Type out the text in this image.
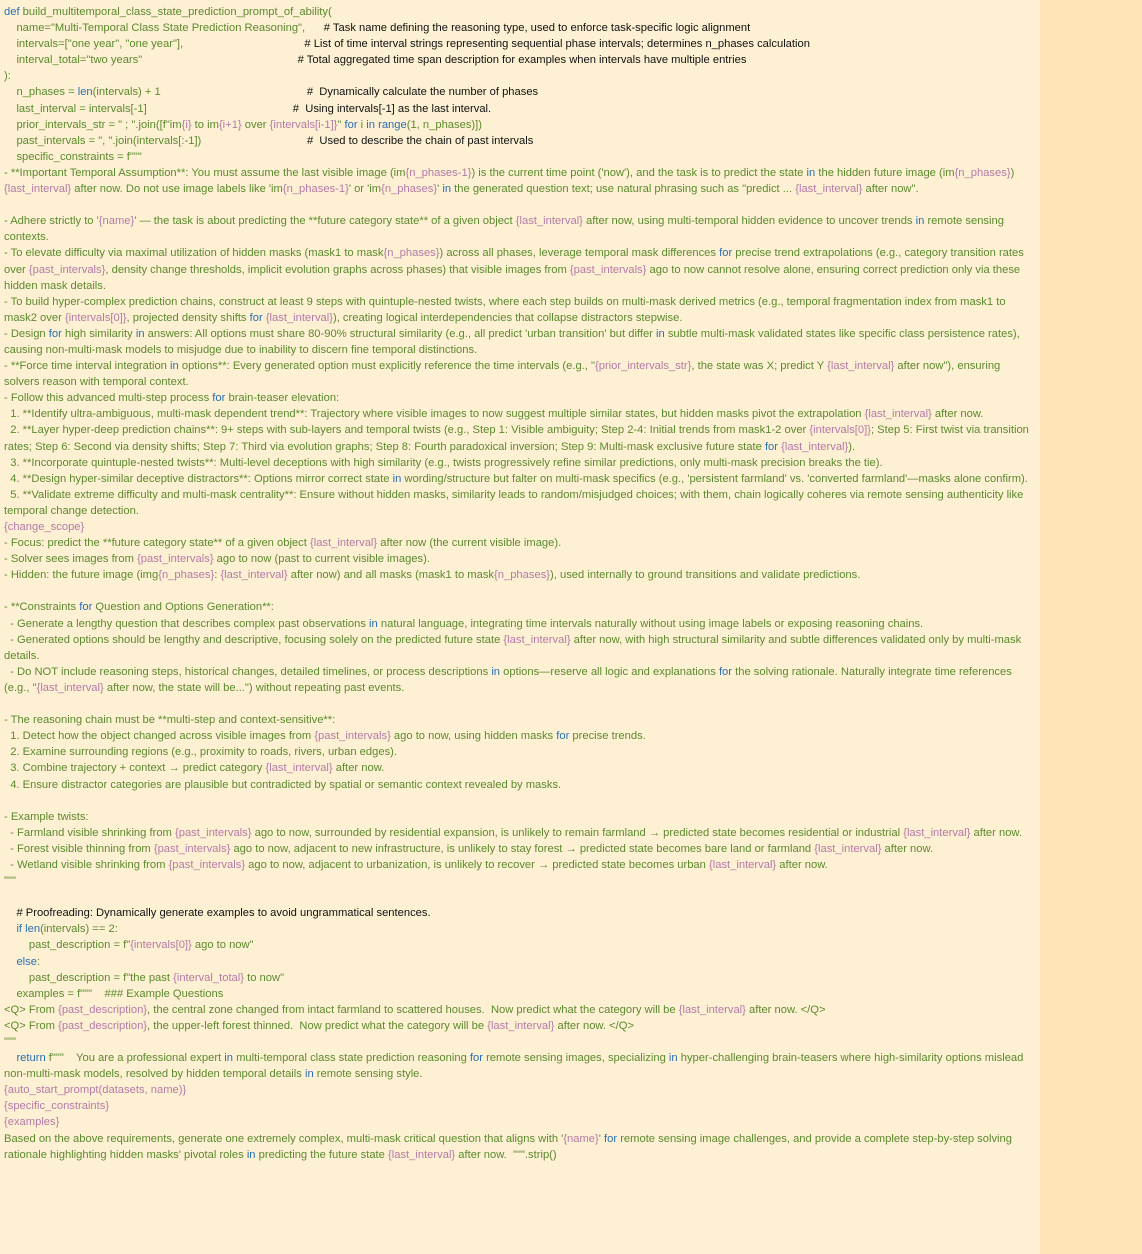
def build_multitemporal_class_state_prediction_prompt_of_ability(
name="Multi-Temporal Class State Prediction Reasoning",      # Task name defining the reasoning type, used to enforce task-specific logic alignment
intervals=["one year", "one year"],                                       # List of time interval strings representing sequential phase intervals; determines n_phases calculation
interval_total="two years"                                                  # Total aggregated time span description for examples when intervals have multiple entries
):
n_phases = len(intervals) + 1                                               #  Dynamically calculate the number of phases
last_interval = intervals[-1]                                               #  Using intervals[-1] as the last interval.
prior_intervals_str = " ; ".join([f"im{i} to im{i+1} over {intervals[i-1]}" for i in range(1, n_phases)])
past_intervals = ", ".join(intervals[:-1])                                  #  Used to describe the chain of past intervals
specific_constraints = f"""
- **Important Temporal Assumption**: You must assume the last visible image (im{n_phases-1}) is the current time point ('now'), and the task is to predict the state in the hidden future image (im{n_phases}) {last_interval} after now. Do not use image labels like 'im{n_phases-1}' or 'im{n_phases}' in the generated question text; use natural phrasing such as "predict ... {last_interval} after now".

- Adhere strictly to '{name}' — the task is about predicting the **future category state** of a given object {last_interval} after now, using multi-temporal hidden evidence to uncover trends in remote sensing contexts.
- To elevate difficulty via maximal utilization of hidden masks (mask1 to mask{n_phases}) across all phases, leverage temporal mask differences for precise trend extrapolations (e.g., category transition rates over {past_intervals}, density change thresholds, implicit evolution graphs across phases) that visible images from {past_intervals} ago to now cannot resolve alone, ensuring correct prediction only via these hidden mask details.
- To build hyper-complex prediction chains, construct at least 9 steps with quintuple-nested twists, where each step builds on multi-mask derived metrics (e.g., temporal fragmentation index from mask1 to mask2 over {intervals[0]}, projected density shifts for {last_interval}), creating logical interdependencies that collapse distractors stepwise.
- Design for high similarity in answers: All options must share 80-90% structural similarity (e.g., all predict 'urban transition' but differ in subtle multi-mask validated states like specific class persistence rates), causing non-multi-mask models to misjudge due to inability to discern fine temporal distinctions.
- **Force time interval integration in options**: Every generated option must explicitly reference the time intervals (e.g., "{prior_intervals_str}, the state was X; predict Y {last_interval} after now"), ensuring solvers reason with temporal context.
- Follow this advanced multi-step process for brain-teaser elevation:
1. **Identify ultra-ambiguous, multi-mask dependent trend**: Trajectory where visible images to now suggest multiple similar states, but hidden masks pivot the extrapolation {last_interval} after now.
2. **Layer hyper-deep prediction chains**: 9+ steps with sub-layers and temporal twists (e.g., Step 1: Visible ambiguity; Step 2-4: Initial trends from mask1-2 over {intervals[0]}; Step 5: First twist via transition rates; Step 6: Second via density shifts; Step 7: Third via evolution graphs; Step 8: Fourth paradoxical inversion; Step 9: Multi-mask exclusive future state for {last_interval}).
3. **Incorporate quintuple-nested twists**: Multi-level deceptions with high similarity (e.g., twists progressively refine similar predictions, only multi-mask precision breaks the tie).
4. **Design hyper-similar deceptive distractors**: Options mirror correct state in wording/structure but falter on multi-mask specifics (e.g., 'persistent farmland' vs. 'converted farmland'—masks alone confirm).
5. **Validate extreme difficulty and multi-mask centrality**: Ensure without hidden masks, similarity leads to random/misjudged choices; with them, chain logically coheres via remote sensing authenticity like temporal change detection.
{change_scope}
- Focus: predict the **future category state** of a given object {last_interval} after now (the current visible image).
- Solver sees images from {past_intervals} ago to now (past to current visible images).
- Hidden: the future image (img{n_phases}: {last_interval} after now) and all masks (mask1 to mask{n_phases}), used internally to ground transitions and validate predictions.

- **Constraints for Question and Options Generation**:
- Generate a lengthy question that describes complex past observations in natural language, integrating time intervals naturally without using image labels or exposing reasoning chains.
- Generated options should be lengthy and descriptive, focusing solely on the predicted future state {last_interval} after now, with high structural similarity and subtle differences validated only by multi-mask details.
- Do NOT include reasoning steps, historical changes, detailed timelines, or process descriptions in options—reserve all logic and explanations for the solving rationale. Naturally integrate time references (e.g., "{last_interval} after now, the state will be...") without repeating past events.

- The reasoning chain must be **multi-step and context-sensitive**:
1. Detect how the object changed across visible images from {past_intervals} ago to now, using hidden masks for precise trends.
2. Examine surrounding regions (e.g., proximity to roads, rivers, urban edges).
3. Combine trajectory + context → predict category {last_interval} after now.
4. Ensure distractor categories are plausible but contradicted by spatial or semantic context revealed by masks.

- Example twists:
- Farmland visible shrinking from {past_intervals} ago to now, surrounded by residential expansion, is unlikely to remain farmland → predicted state becomes residential or industrial {last_interval} after now.
- Forest visible thinning from {past_intervals} ago to now, adjacent to new infrastructure, is unlikely to stay forest → predicted state becomes bare land or farmland {last_interval} after now.
- Wetland visible shrinking from {past_intervals} ago to now, adjacent to urbanization, is unlikely to recover → predicted state becomes urban {last_interval} after now.
"""

# Proofreading: Dynamically generate examples to avoid ungrammatical sentences.
if len(intervals) == 2:
past_description = f"{intervals[0]} ago to now"
else:
past_description = f"the past {interval_total} to now"
examples = f"""    ### Example Questions
<Q> From {past_description}, the central zone changed from intact farmland to scattered houses.  Now predict what the category will be {last_interval} after now. </Q>
<Q> From {past_description}, the upper-left forest thinned.  Now predict what the category will be {last_interval} after now. </Q>
"""
return f"""    You are a professional expert in multi-temporal class state prediction reasoning for remote sensing images, specializing in hyper-challenging brain-teasers where high-similarity options mislead non-multi-mask models, resolved by hidden temporal details in remote sensing style.
{auto_start_prompt(datasets, name)}
{specific_constraints}
{examples}
Based on the above requirements, generate one extremely complex, multi-mask critical question that aligns with '{name}' for remote sensing image challenges, and provide a complete step-by-step solving rationale highlighting hidden masks' pivotal roles in predicting the future state {last_interval} after now.  """.strip()
